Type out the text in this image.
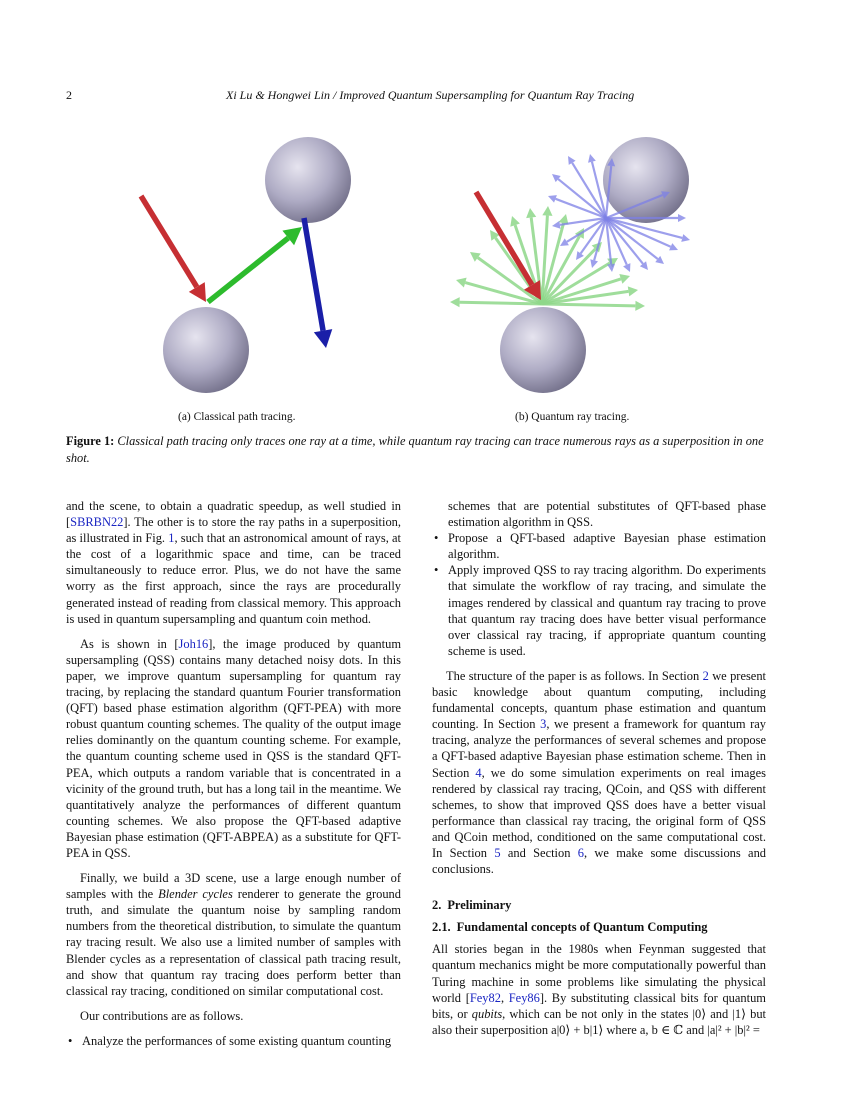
2	Xi Lu & Hongwei Lin / Improved Quantum Supersampling for Quantum Ray Tracing
(a) Classical path tracing.	(b) Quantum ray tracing.
Figure 1: Classical path tracing only traces one ray at a time, while quantum ray tracing can trace numerous rays as a superposition in one shot.

and the scene, to obtain a quadratic speedup, as well studied in [SBRBN22]. The other is to store the ray paths in a superposition, as illustrated in Fig. 1, such that an astronomical amount of rays, at the cost of a logarithmic space and time, can be traced simultaneously to reduce error. Plus, we do not have the same worry as the first approach, since the rays are procedurally generated instead of reading from classical memory. This approach is used in quantum supersampling and quantum coin method.

As is shown in [Joh16], the image produced by quantum supersampling (QSS) contains many detached noisy dots. In this paper, we improve quantum supersampling for quantum ray tracing, by replacing the standard quantum Fourier transformation (QFT) based phase estimation algorithm (QFT-PEA) with more robust quantum counting schemes. The quality of the output image relies dominantly on the quantum counting scheme. For example, the quantum counting scheme used in QSS is the standard QFT-PEA, which outputs a random variable that is concentrated in a vicinity of the ground truth, but has a long tail in the meantime. We quantitatively analyze the performances of different quantum counting schemes. We also propose the QFT-based adaptive Bayesian phase estimation (QFT-ABPEA) as a substitute for QFT-PEA in QSS.

Finally, we build a 3D scene, use a large enough number of samples with the Blender cycles renderer to generate the ground truth, and simulate the quantum noise by sampling random numbers from the theoretical distribution, to simulate the quantum ray tracing result. We also use a limited number of samples with Blender cycles as a representation of classical path tracing result, and show that quantum ray tracing does perform better than classical ray tracing, conditioned on similar computational cost.

Our contributions are as follows.

• Analyze the performances of some existing quantum counting
schemes that are potential substitutes of QFT-based phase estimation algorithm in QSS.
• Propose a QFT-based adaptive Bayesian phase estimation algorithm.
• Apply improved QSS to ray tracing algorithm. Do experiments that simulate the workflow of ray tracing, and simulate the images rendered by classical and quantum ray tracing to prove that quantum ray tracing does have better visual performance over classical ray tracing, if appropriate quantum counting scheme is used.

The structure of the paper is as follows. In Section 2 we present basic knowledge about quantum computing, including fundamental concepts, quantum phase estimation and quantum counting. In Section 3, we present a framework for quantum ray tracing, analyze the performances of several schemes and propose a QFT-based adaptive Bayesian phase estimation scheme. Then in Section 4, we do some simulation experiments on real images rendered by classical ray tracing, QCoin, and QSS with different schemes, to show that improved QSS does have a better visual performance than classical ray tracing, the original form of QSS and QCoin method, conditioned on the same computational cost. In Section 5 and Section 6, we make some discussions and conclusions.

2. Preliminary

2.1. Fundamental concepts of Quantum Computing

All stories began in the 1980s when Feynman suggested that quantum mechanics might be more computationally powerful than Turing machine in some problems like simulating the physical world [Fey82, Fey86]. By substituting classical bits for quantum bits, or qubits, which can be not only in the states |0⟩ and |1⟩ but also their superposition a|0⟩ + b|1⟩ where a, b ∈ ℂ and |a|² + |b|² =
